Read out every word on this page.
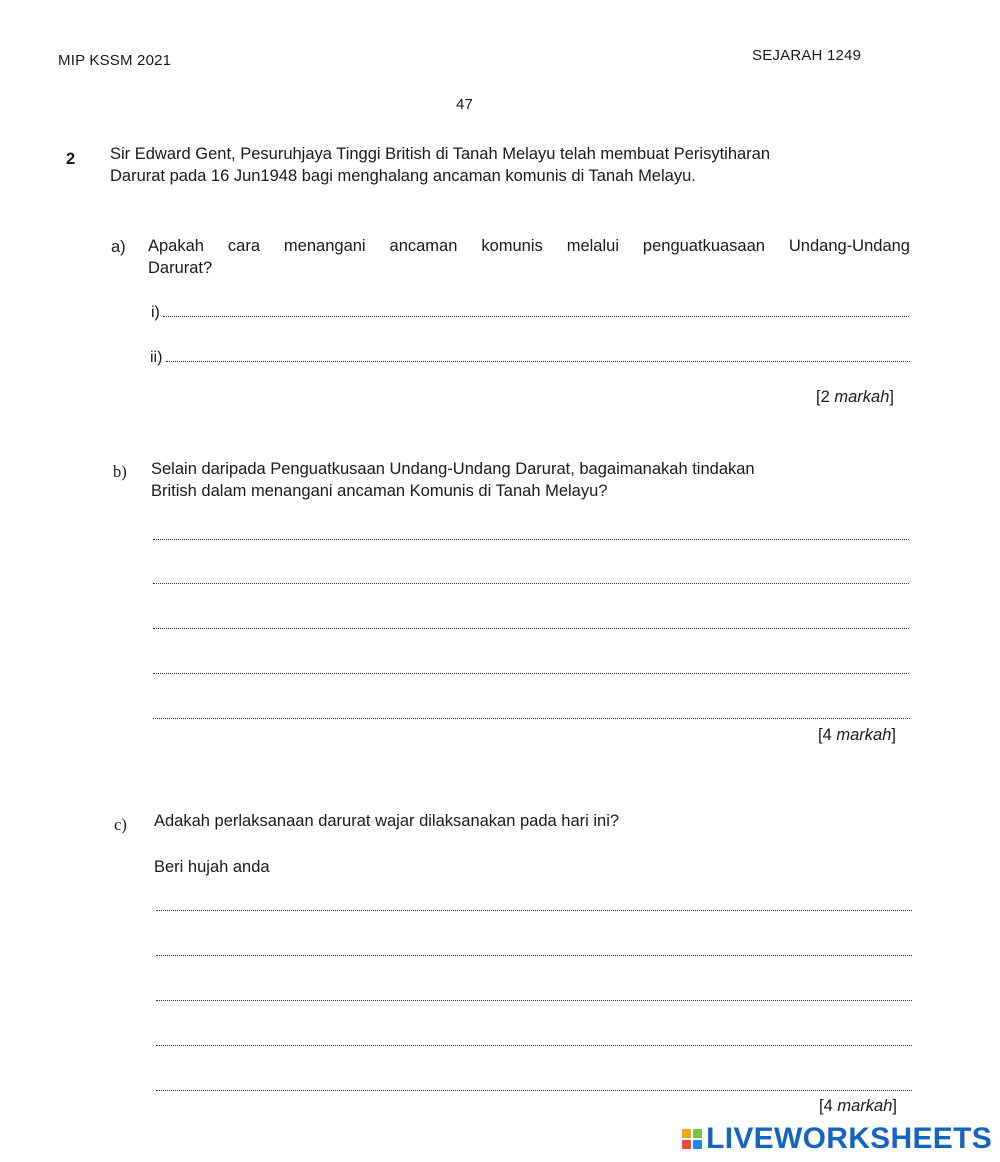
MIP KSSM 2021	SEJARAH 1249
47
2 Sir Edward Gent, Pesuruhjaya Tinggi British di Tanah Melayu telah membuat Perisytiharan
Darurat pada 16 Jun1948 bagi menghalang ancaman komunis di Tanah Melayu.
a) Apakah cara menangani ancaman komunis melalui penguatkuasaan Undang-Undang
Darurat?
i)
ii)
[2 markah]
b) Selain daripada Penguatkusaan Undang-Undang Darurat, bagaimanakah tindakan
British dalam menangani ancaman Komunis di Tanah Melayu?
[4 markah]
c) Adakah perlaksanaan darurat wajar dilaksanakan pada hari ini?
Beri hujah anda
[4 markah]
LIVEWORKSHEETS
